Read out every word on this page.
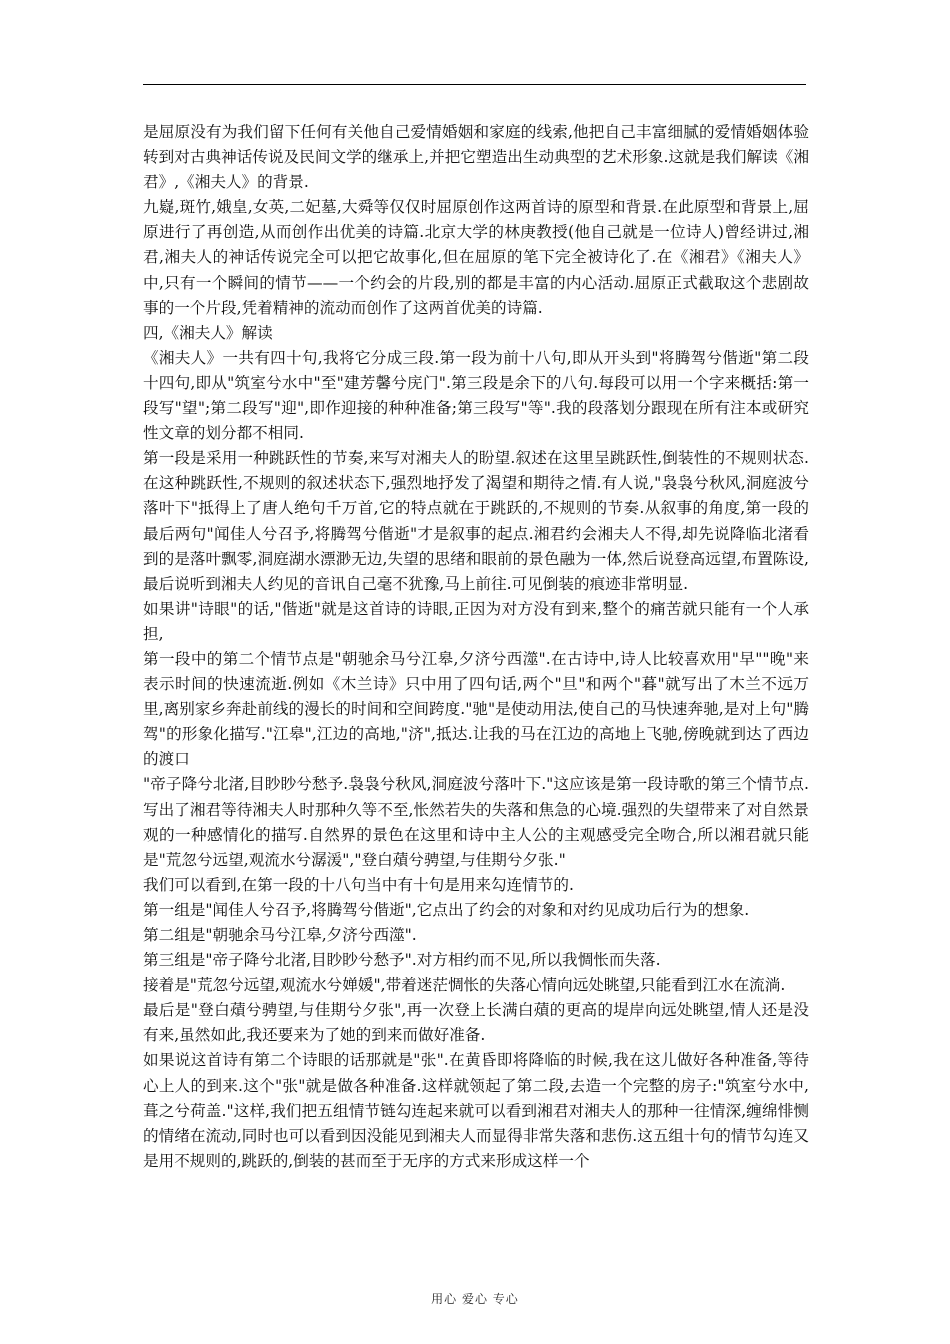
是屈原没有为我们留下任何有关他自己爱情婚姻和家庭的线索,他把自己丰富细腻的爱情婚姻体验转到对古典神话传说及民间文学的继承上,并把它塑造出生动典型的艺术形象.这就是我们解读《湘君》,《湘夫人》的背景.

九嶷,斑竹,娥皇,女英,二妃墓,大舜等仅仅时屈原创作这两首诗的原型和背景.在此原型和背景上,屈原进行了再创造,从而创作出优美的诗篇.北京大学的林庚教授(他自己就是一位诗人)曾经讲过,湘君,湘夫人的神话传说完全可以把它故事化,但在屈原的笔下完全被诗化了.在《湘君》《湘夫人》中,只有一个瞬间的情节——一个约会的片段,别的都是丰富的内心活动.屈原正式截取这个悲剧故事的一个片段,凭着精神的流动而创作了这两首优美的诗篇.

四,《湘夫人》解读

《湘夫人》一共有四十句,我将它分成三段.第一段为前十八句,即从开头到"将腾驾兮偕逝"第二段十四句,即从"筑室兮水中"至"建芳馨兮庑门".第三段是余下的八句.每段可以用一个字来概括:第一段写"望";第二段写"迎",即作迎接的种种准备;第三段写"等".我的段落划分跟现在所有注本或研究性文章的划分都不相同.

第一段是采用一种跳跃性的节奏,来写对湘夫人的盼望.叙述在这里呈跳跃性,倒装性的不规则状态.在这种跳跃性,不规则的叙述状态下,强烈地抒发了渴望和期待之情.有人说,"袅袅兮秋风,洞庭波兮落叶下"抵得上了唐人绝句千万首,它的特点就在于跳跃的,不规则的节奏.从叙事的角度,第一段的最后两句"闻佳人兮召予,将腾驾兮偕逝"才是叙事的起点.湘君约会湘夫人不得,却先说降临北渚看到的是落叶飘零,洞庭湖水漂渺无边,失望的思绪和眼前的景色融为一体,然后说登高远望,布置陈设,最后说听到湘夫人约见的音讯自己毫不犹豫,马上前往.可见倒装的痕迹非常明显.

如果讲"诗眼"的话,"偕逝"就是这首诗的诗眼,正因为对方没有到来,整个的痛苦就只能有一个人承担,

第一段中的第二个情节点是"朝驰余马兮江皋,夕济兮西澨".在古诗中,诗人比较喜欢用"早""晚"来表示时间的快速流逝.例如《木兰诗》只中用了四句话,两个"旦"和两个"暮"就写出了木兰不远万里,离别家乡奔赴前线的漫长的时间和空间跨度."驰"是使动用法,使自己的马快速奔驰,是对上句"腾驾"的形象化描写."江皋",江边的高地,"济",抵达.让我的马在江边的高地上飞驰,傍晚就到达了西边的渡口

"帝子降兮北渚,目眇眇兮愁予.袅袅兮秋风,洞庭波兮落叶下."这应该是第一段诗歌的第三个情节点.写出了湘君等待湘夫人时那种久等不至,怅然若失的失落和焦急的心境.强烈的失望带来了对自然景观的一种感情化的描写.自然界的景色在这里和诗中主人公的主观感受完全吻合,所以湘君就只能是"荒忽兮远望,观流水兮潺湲","登白薠兮骋望,与佳期兮夕张."

我们可以看到,在第一段的十八句当中有十句是用来勾连情节的.

第一组是"闻佳人兮召予,将腾驾兮偕逝",它点出了约会的对象和对约见成功后行为的想象.

第二组是"朝驰余马兮江皋,夕济兮西澨".

第三组是"帝子降兮北渚,目眇眇兮愁予".对方相约而不见,所以我惆怅而失落.

接着是"荒忽兮远望,观流水兮婵媛",带着迷茫惆怅的失落心情向远处眺望,只能看到江水在流淌.

最后是"登白薠兮骋望,与佳期兮夕张",再一次登上长满白薠的更高的堤岸向远处眺望,情人还是没有来,虽然如此,我还要来为了她的到来而做好准备.

如果说这首诗有第二个诗眼的话那就是"张".在黄昏即将降临的时候,我在这儿做好各种准备,等待心上人的到来.这个"张"就是做各种准备.这样就领起了第二段,去造一个完整的房子:"筑室兮水中,葺之兮荷盖."这样,我们把五组情节链勾连起来就可以看到湘君对湘夫人的那种一往情深,缠绵悱恻的情绪在流动,同时也可以看到因没能见到湘夫人而显得非常失落和悲伤.这五组十句的情节勾连又是用不规则的,跳跃的,倒装的甚而至于无序的方式来形成这样一个

用心 爱心 专心
